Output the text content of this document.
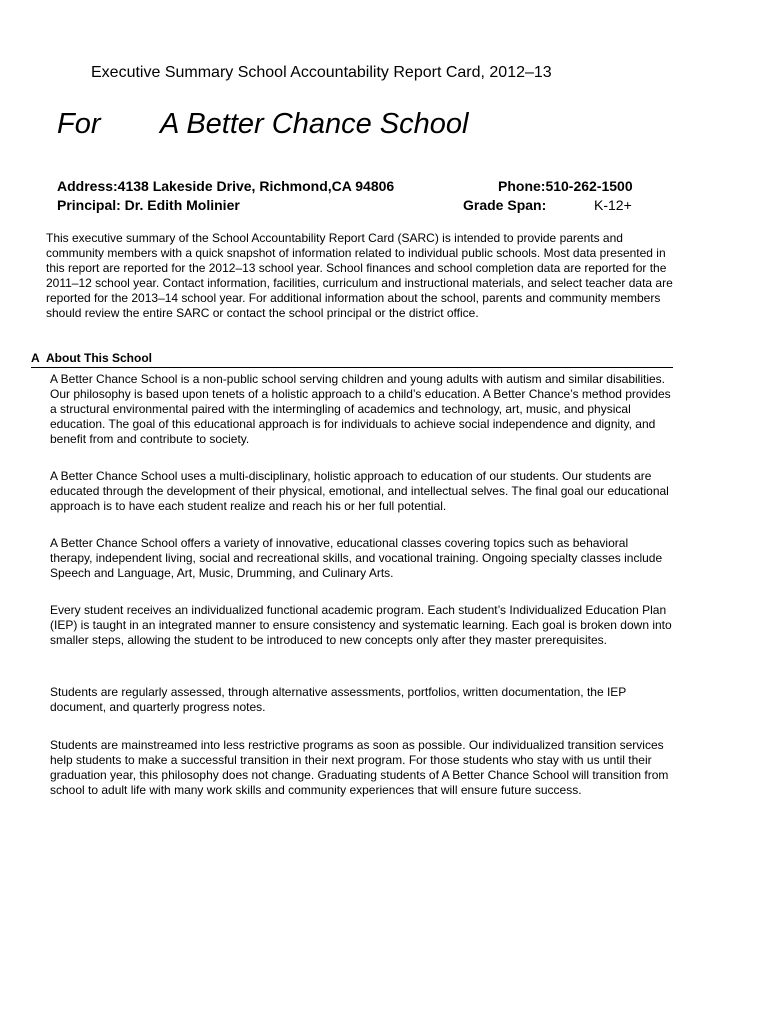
Executive Summary School Accountability Report Card, 2012–13
For A Better Chance School
Address:4138 Lakeside Drive, Richmond,CA 94806	Phone:510-262-1500
Principal: Dr. Edith Molinier	Grade Span:	K-12+

This executive summary of the School Accountability Report Card (SARC) is intended to provide parents and community members with a quick snapshot of information related to individual public schools. Most data presented in this report are reported for the 2012–13 school year. School finances and school completion data are reported for the 2011–12 school year. Contact information, facilities, curriculum and instructional materials, and select teacher data are reported for the 2013–14 school year. For additional information about the school, parents and community members should review the entire SARC or contact the school principal or the district office.

A About This School

A Better Chance School is a non-public school serving children and young adults with autism and similar disabilities. Our philosophy is based upon tenets of a holistic approach to a child’s education. A Better Chance’s method provides a structural environmental paired with the intermingling of academics and technology, art, music, and physical education. The goal of this educational approach is for individuals to achieve social independence and dignity, and benefit from and contribute to society.

A Better Chance School uses a multi-disciplinary, holistic approach to education of our students. Our students are educated through the development of their physical, emotional, and intellectual selves. The final goal our educational approach is to have each student realize and reach his or her full potential.

A Better Chance School offers a variety of innovative, educational classes covering topics such as behavioral therapy, independent living, social and recreational skills, and vocational training. Ongoing specialty classes include Speech and Language, Art, Music, Drumming, and Culinary Arts.

Every student receives an individualized functional academic program. Each student’s Individualized Education Plan (IEP) is taught in an integrated manner to ensure consistency and systematic learning. Each goal is broken down into smaller steps, allowing the student to be introduced to new concepts only after they master prerequisites.

Students are regularly assessed, through alternative assessments, portfolios, written documentation, the IEP document, and quarterly progress notes.

Students are mainstreamed into less restrictive programs as soon as possible. Our individualized transition services help students to make a successful transition in their next program. For those students who stay with us until their graduation year, this philosophy does not change. Graduating students of A Better Chance School will transition from school to adult life with many work skills and community experiences that will ensure future success.
